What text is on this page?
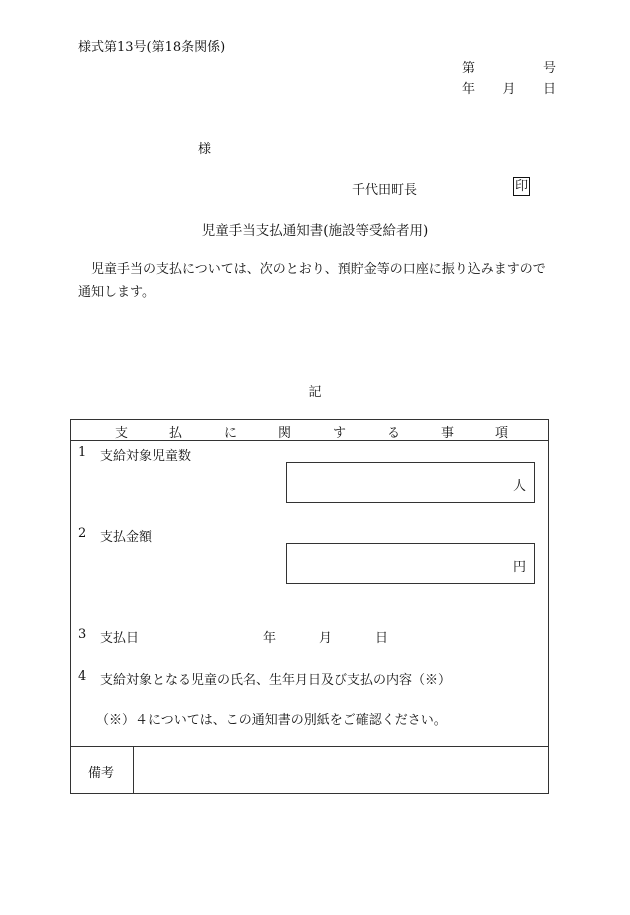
様式第13号(第18条関係)
第	号
年 月 日
様
千代田町長	印
児童手当支払通知書(施設等受給者用)
児童手当の支払については、次のとおり、預貯金等の口座に振り込みますので通知します。
記
支	払	に	関	す	る	事	項
1 支給対象児童数
人
2 支払金額
円
3 支払日	年	月	日
4 支給対象となる児童の氏名、生年月日及び支払の内容（※）
（※）４については、この通知書の別紙をご確認ください。
備考
